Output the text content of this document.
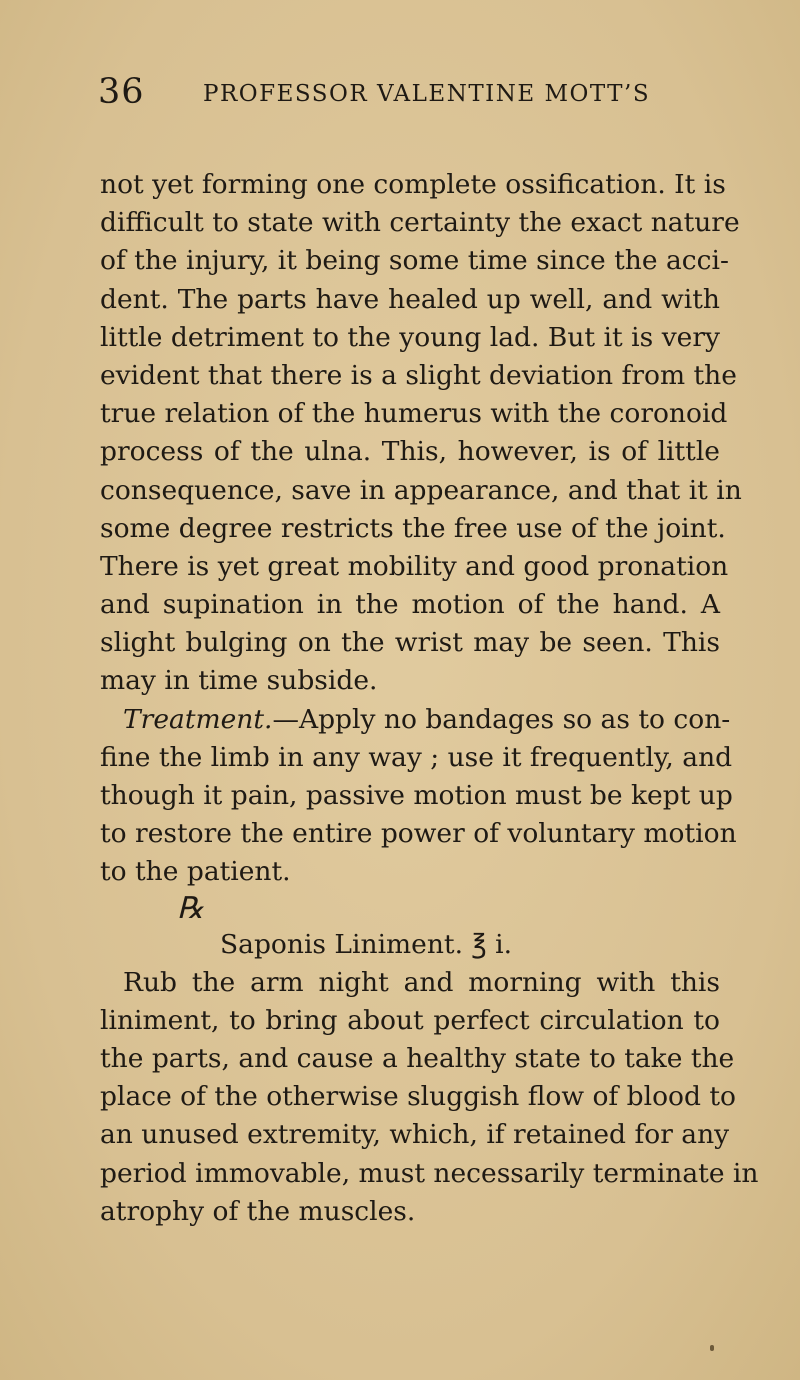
36	PROFESSOR VALENTINE MOTT’S
not yet forming one complete ossification. It is
difficult to state with certainty the exact nature
of the injury, it being some time since the acci-
dent. The parts have healed up well, and with
little detriment to the young lad. But it is very
evident that there is a slight deviation from the
true relation of the humerus with the coronoid
process of the ulna. This, however, is of little
consequence, save in appearance, and that it in
some degree restricts the free use of the joint.
There is yet great mobility and good pronation
and supination in the motion of the hand. A
slight bulging on the wrist may be seen. This
may in time subside.
Treatment.—Apply no bandages so as to con-
fine the limb in any way ; use it frequently, and
though it pain, passive motion must be kept up
to restore the entire power of voluntary motion
to the patient.
℞
Saponis Liniment. ℥ i.
Rub the arm night and morning with this
liniment, to bring about perfect circulation to
the parts, and cause a healthy state to take the
place of the otherwise sluggish flow of blood to
an unused extremity, which, if retained for any
period immovable, must necessarily terminate in
atrophy of the muscles.
